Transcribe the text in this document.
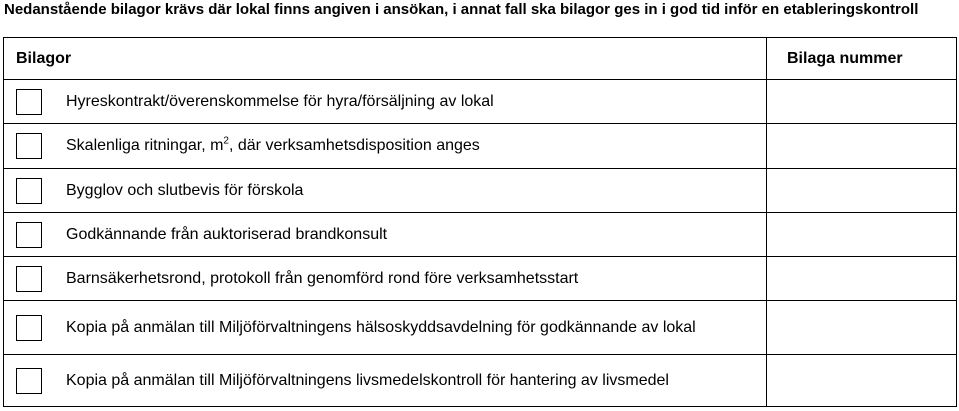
Nedanstående bilagor krävs där lokal finns angiven i ansökan, i annat fall ska bilagor ges in i god tid inför en etableringskontroll

Bilagor	Bilaga nummer

Hyreskontrakt/överenskommelse för hyra/försäljning av lokal	

Skalenliga ritningar, $m^2$, där verksamhetsdisposition anges	

Bygglov och slutbevis för förskola	

Godkännande från auktoriserad brandkonsult	

Barnsäkerhetsrond, protokoll från genomförd rond före verksamhetsstart	

Kopia på anmälan till Miljöförvaltningens hälsoskyddsavdelning för godkännande av lokal	

Kopia på anmälan till Miljöförvaltningens livsmedelskontroll för hantering av livsmedel	
